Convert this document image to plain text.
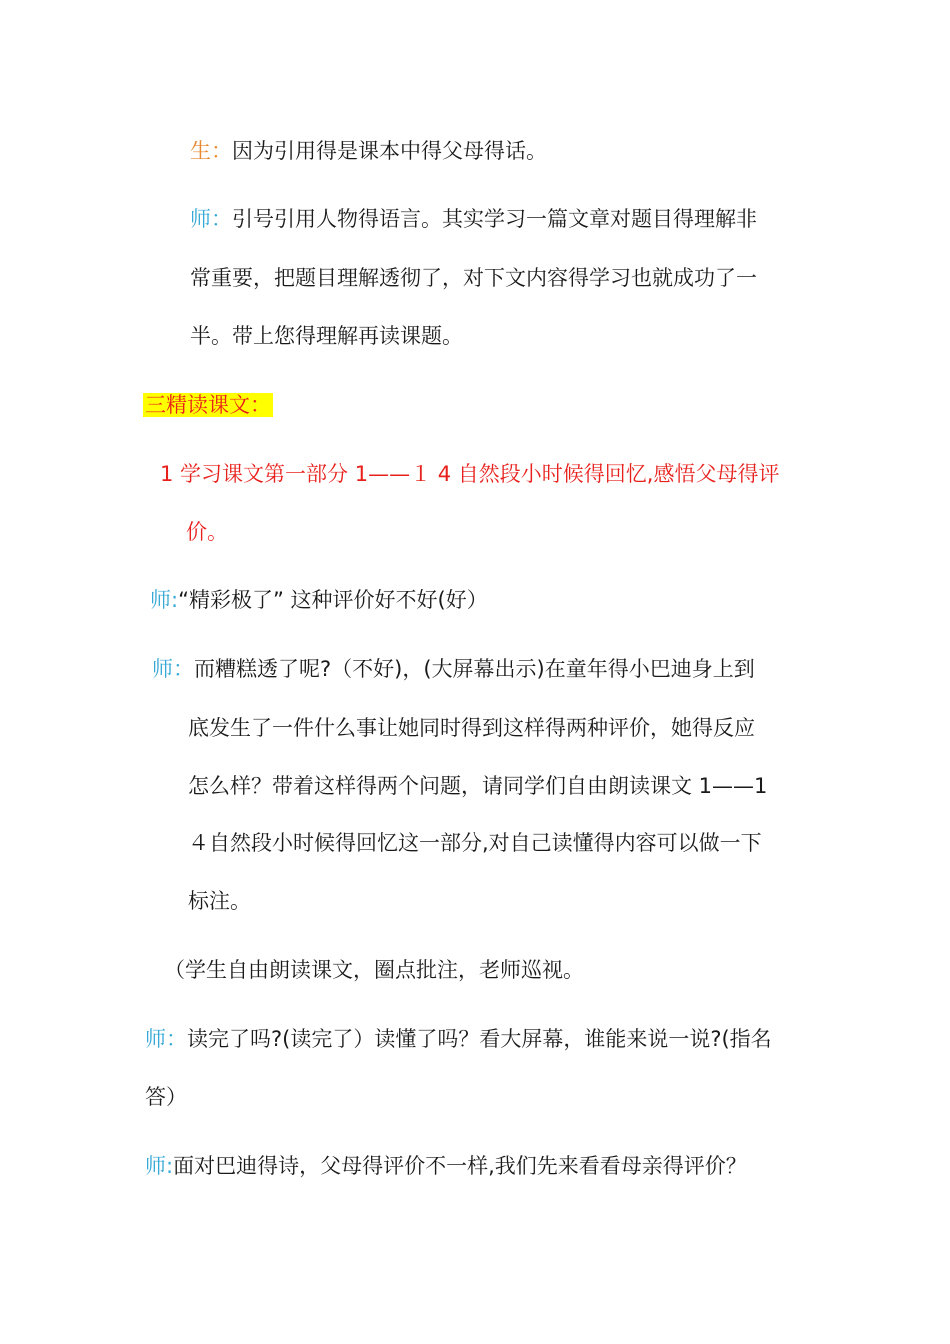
生：因为引用得是课本中得父母得话。
师：引号引用人物得语言。其实学习一篇文章对题目得理解非
常重要，把题目理解透彻了，对下文内容得学习也就成功了一
半。带上您得理解再读课题。
三精读课文：
1 学习课文第一部分 1——１ 4 自然段小时候得回忆,感悟父母得评
价。
师:“精彩极了” 这种评价好不好(好）
师：而糟糕透了呢?（不好)，(大屏幕出示)在童年得小巴迪身上到
底发生了一件什么事让她同时得到这样得两种评价，她得反应
怎么样？带着这样得两个问题，请同学们自由朗读课文 1——1
４自然段小时候得回忆这一部分,对自己读懂得内容可以做一下
标注。
（学生自由朗读课文，圈点批注，老师巡视。
师：读完了吗?(读完了）读懂了吗？看大屏幕，谁能来说一说?(指名
答）
师:面对巴迪得诗，父母得评价不一样,我们先来看看母亲得评价？
